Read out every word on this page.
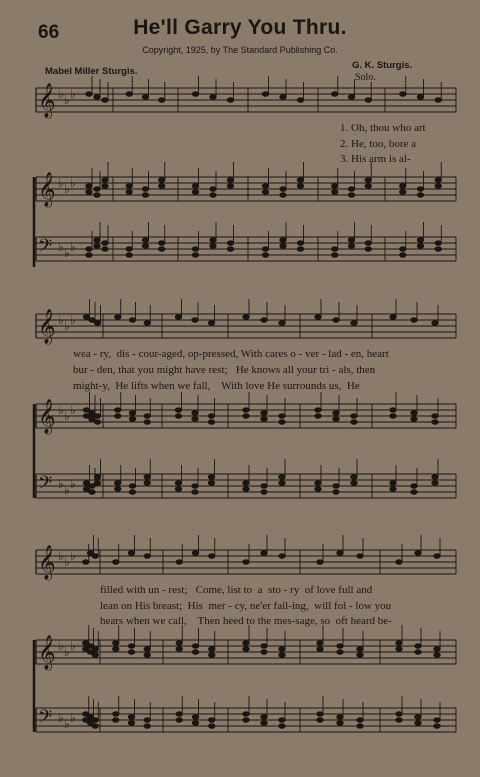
66	He'll Garry You Thru.
Copyright, 1925, by The Standard Publishing Co.
Mabel Miller Sturgis.
G. K. Sturgis.
Solo.
𝄞 ♭ ♭ ♭
𝄞 ♭ ♭ ♭
𝄢 ♭ ♭ ♭
𝄞 ♭ ♭ ♭
𝄞 ♭ ♭ ♭
𝄢 ♭ ♭ ♭
𝄞 ♭ ♭ ♭
𝄞 ♭ ♭ ♭
𝄢 ♭ ♭ ♭
1. Oh, thou who art
2. He, too, bore a
3. His arm is al-
wea - ry,  dis - cour-aged, op-pressed, With cares o - ver - lad - en, heart
bur - den, that you might have rest;   He knows all your tri - als, then
might-y,  He lifts when we fall,    With love He surrounds us,  He
filled with un - rest;   Come, list to  a  sto - ry  of love full and
lean on His breast;  His  mer - cy, ne'er fail-ing,  will fol - low you
hears when we call,    Then heed to the mes-sage, so  oft heard be-
